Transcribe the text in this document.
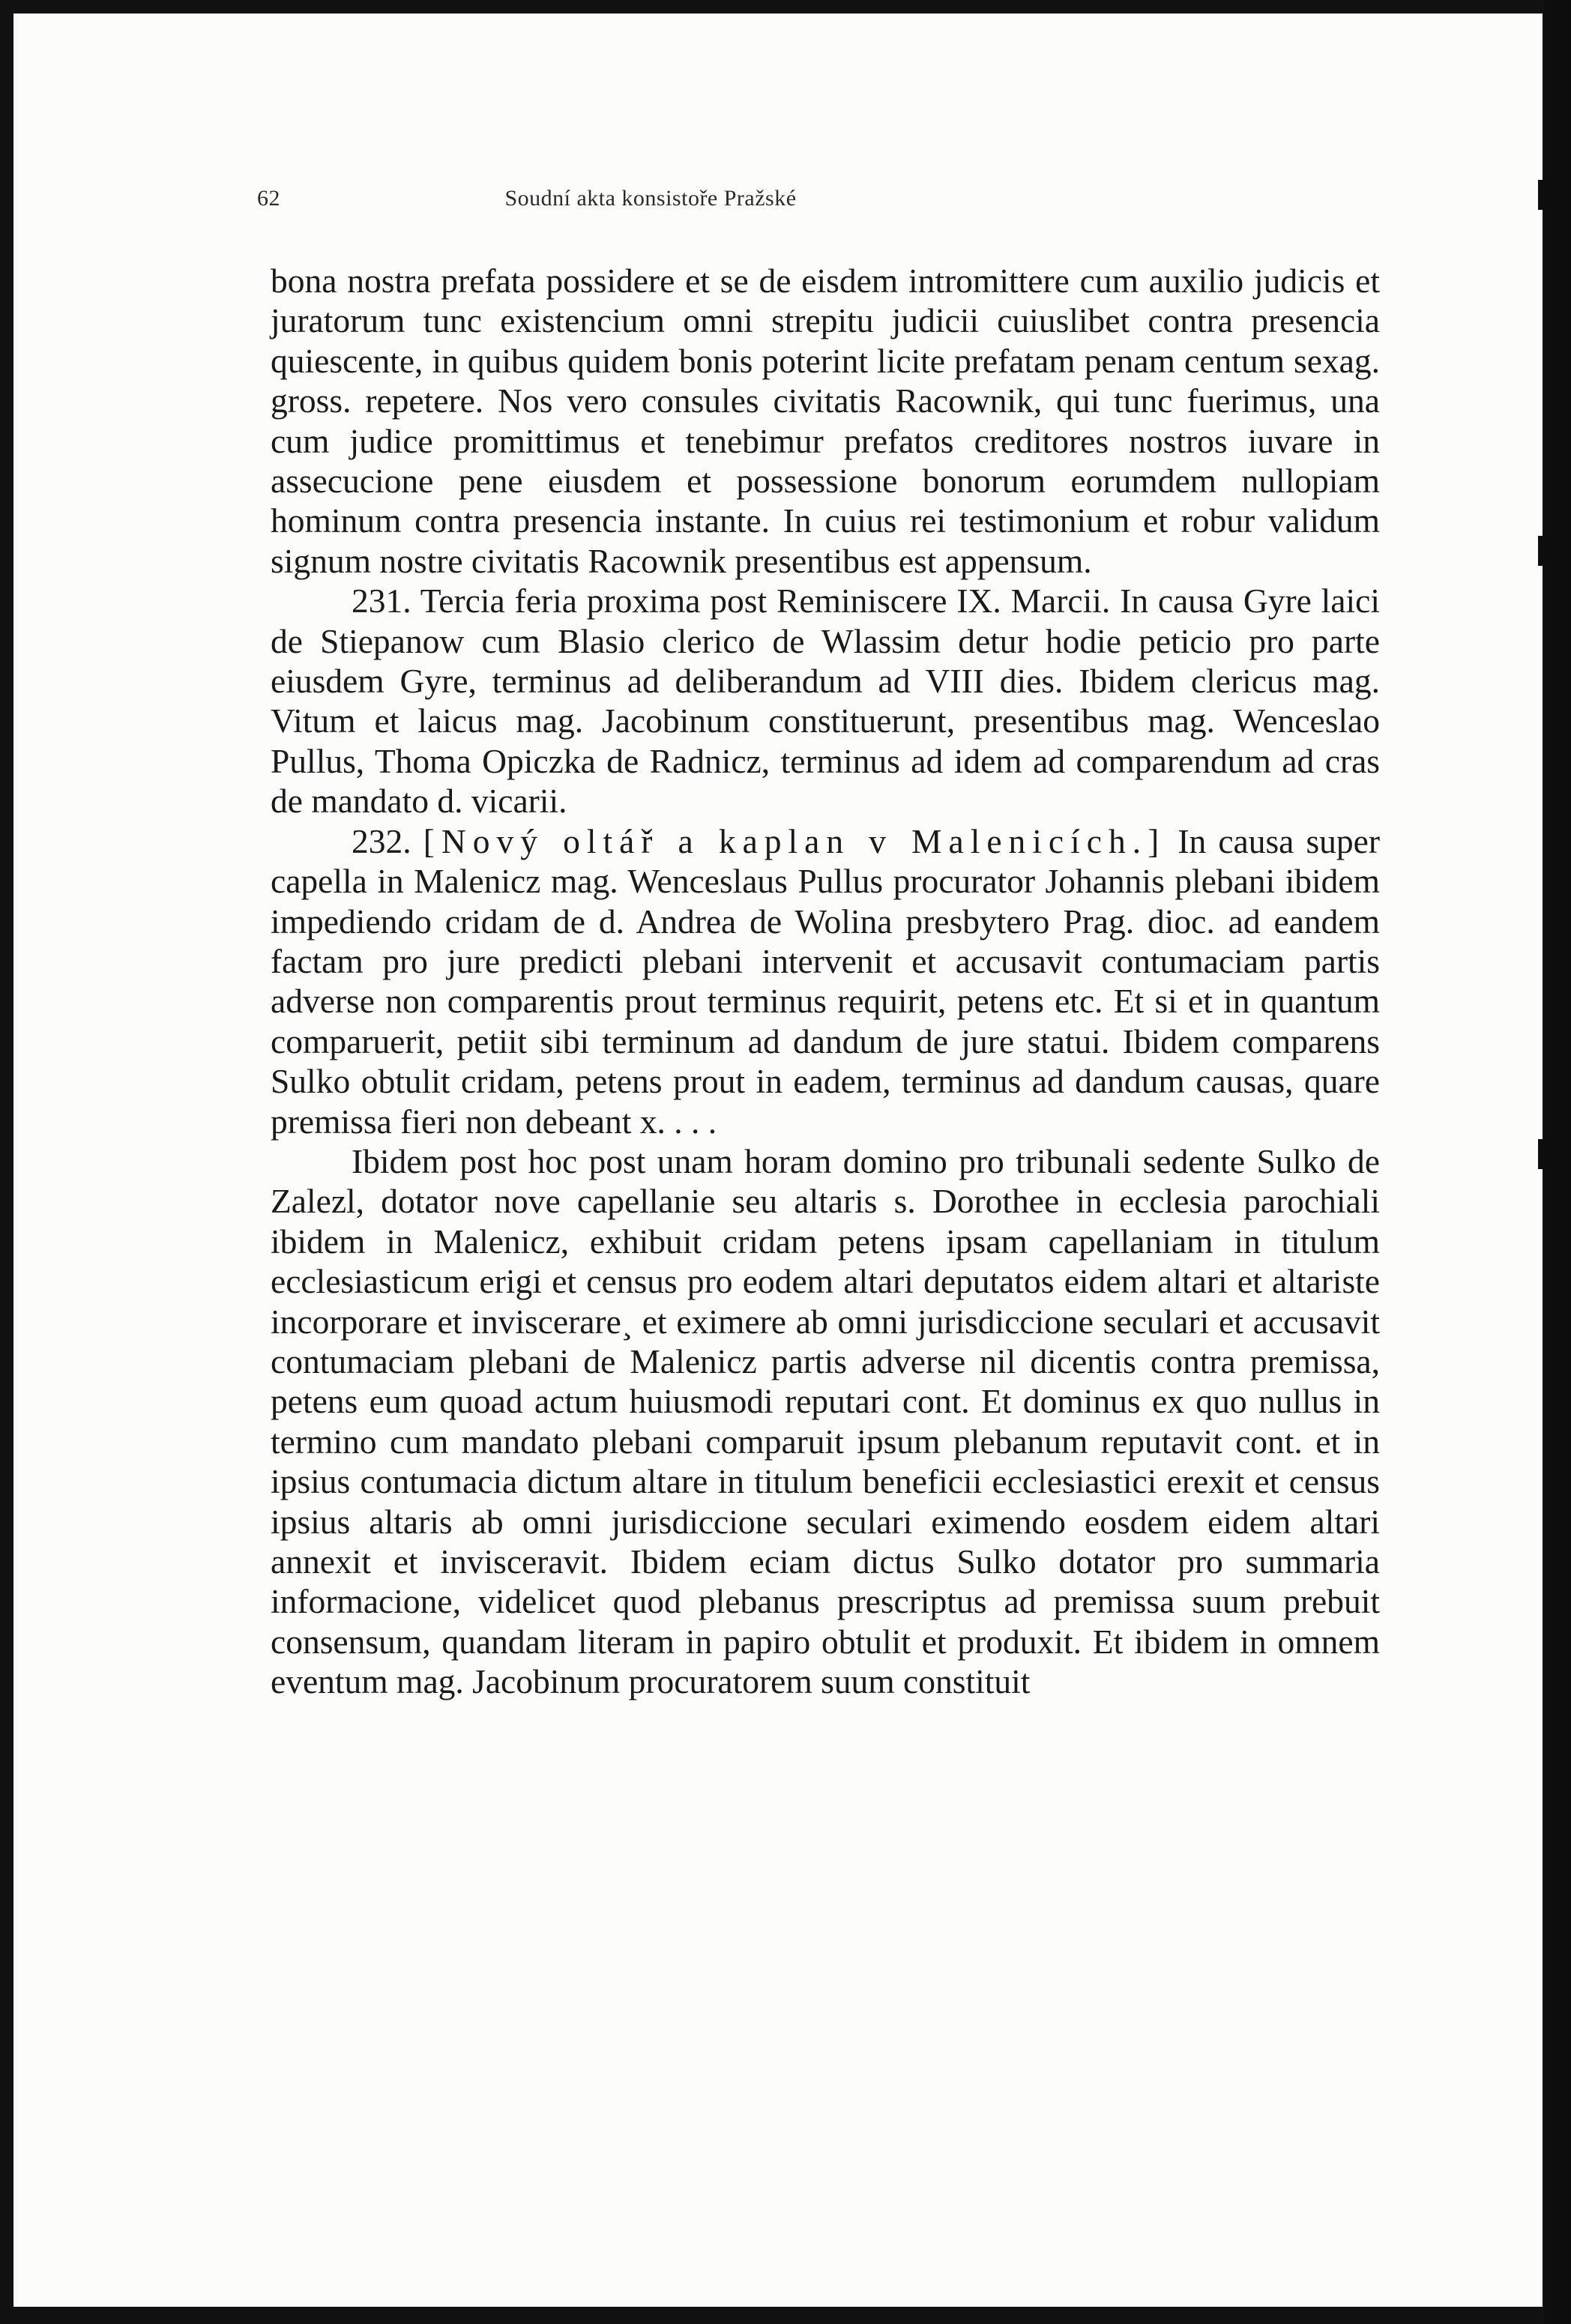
62	Soudní akta konsistoře Pražské

bona nostra prefata possidere et se de eisdem intromittere cum auxilio judicis et juratorum tunc existencium omni strepitu judicii cuiuslibet contra presencia quiescente, in quibus quidem bonis poterint licite prefatam penam centum sexag. gross. repetere. Nos vero consules civitatis Racownik, qui tunc fuerimus, una cum judice promittimus et tenebimur prefatos creditores nostros iuvare in assecucione pene eiusdem et possessione bonorum eorumdem nullopiam hominum contra presencia instante. In cuius rei testimonium et robur validum signum nostre civitatis Racownik presentibus est appensum.

231. Tercia feria proxima post Reminiscere IX. Marcii. In causa Gyre laici de Stiepanow cum Blasio clerico de Wlassim detur hodie peticio pro parte eiusdem Gyre, terminus ad deliberandum ad VIII dies. Ibidem clericus mag. Vitum et laicus mag. Jacobinum constituerunt, presentibus mag. Wenceslao Pullus, Thoma Opiczka de Radnicz, terminus ad idem ad comparendum ad cras de mandato d. vicarii.

232. [Nový oltář a kaplan v Malenicích.] In causa super capella in Malenicz mag. Wenceslaus Pullus procurator Johannis plebani ibidem impediendo cridam de d. Andrea de Wolina presbytero Prag. dioc. ad eandem factam pro jure predicti plebani intervenit et accusavit contumaciam partis adverse non comparentis prout terminus requirit, petens etc. Et si et in quantum comparuerit, petiit sibi terminum ad dandum de jure statui. Ibidem comparens Sulko obtulit cridam, petens prout in eadem, terminus ad dandum causas, quare premissa fieri non debeant x. . . .

Ibidem post hoc post unam horam domino pro tribunali sedente Sulko de Zalezl, dotator nove capellanie seu altaris s. Dorothee in ecclesia parochiali ibidem in Malenicz, exhibuit cridam petens ipsam capellaniam in titulum ecclesiasticum erigi et census pro eodem altari deputatos eidem altari et altariste incorporare et inviscerare¸ et eximere ab omni jurisdiccione seculari et accusavit contumaciam plebani de Malenicz partis adverse nil dicentis contra premissa, petens eum quoad actum huiusmodi reputari cont. Et dominus ex quo nullus in termino cum mandato plebani comparuit ipsum plebanum reputavit cont. et in ipsius contumacia dictum altare in titulum beneficii ecclesiastici erexit et census ipsius altaris ab omni jurisdiccione seculari eximendo eosdem eidem altari annexit et invisceravit. Ibidem eciam dictus Sulko dotator pro summaria informacione, videlicet quod plebanus prescriptus ad premissa suum prebuit consensum, quandam literam in papiro obtulit et produxit. Et ibidem in omnem eventum mag. Jacobinum procuratorem suum constituit
